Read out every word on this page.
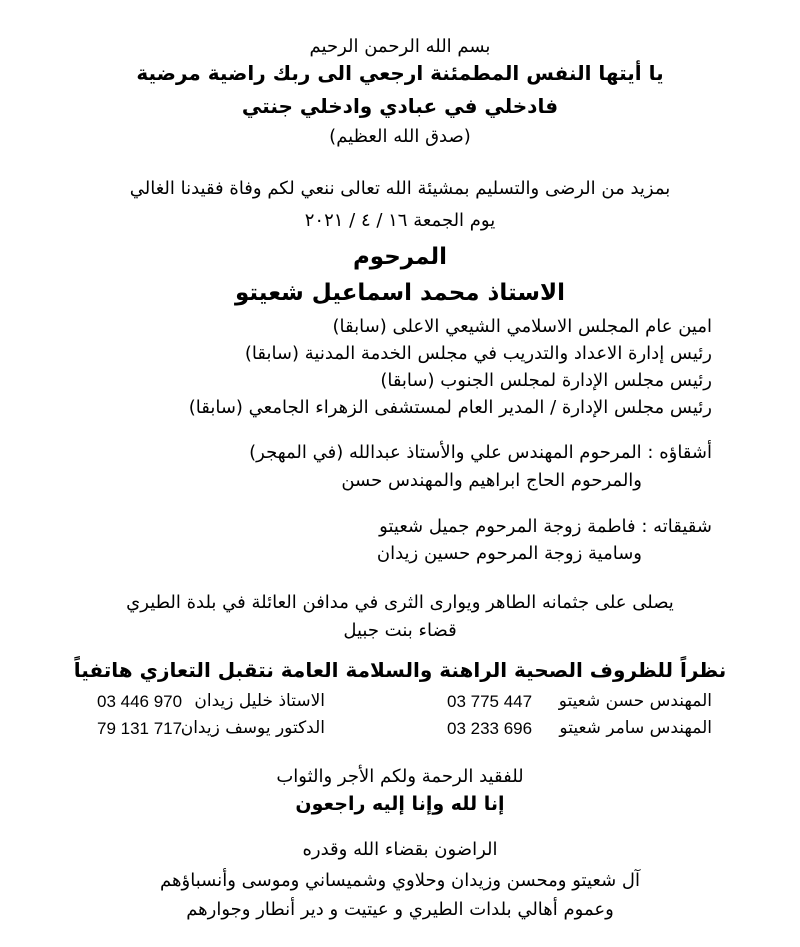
بسم الله الرحمن الرحيم
يا أيتها النفس المطمئنة ارجعي الى ربك راضية مرضية
فادخلي في عبادي وادخلي جنتي
(صدق الله العظيم)
بمزيد من الرضى والتسليم بمشيئة الله تعالى ننعي لكم وفاة فقيدنا الغالي
يوم الجمعة ١٦ / ٤ / ٢٠٢١
المرحوم
الاستاذ محمد اسماعيل شعيتو
امين عام المجلس الاسلامي الشيعي الاعلى (سابقا)
رئيس إدارة الاعداد والتدريب في مجلس الخدمة المدنية (سابقا)
رئيس مجلس الإدارة لمجلس الجنوب (سابقا)
رئيس مجلس الإدارة / المدير العام لمستشفى الزهراء الجامعي (سابقا)
أشقاؤه : المرحوم المهندس علي والأستاذ عبدالله (في المهجر)
والمرحوم الحاج ابراهيم والمهندس حسن
شقيقاته : فاطمة زوجة المرحوم جميل شعيتو
وسامية زوجة المرحوم حسين زيدان
يصلى على جثمانه الطاهر ويوارى الثرى في مدافن العائلة في بلدة الطيري
قضاء بنت جبيل
نظراً للظروف الصحية الراهنة والسلامة العامة نتقبل التعازي هاتفياً
المهندس حسن شعيتو
03 775 447
الاستاذ خليل زيدان
03 446 970
المهندس سامر شعيتو
03 233 696
الدكتور يوسف زيدان
79 131 717
للفقيد الرحمة ولكم الأجر والثواب
إنا لله وإنا إليه راجعون
الراضون بقضاء الله وقدره
آل شعيتو ومحسن وزيدان وحلاوي وشميساني وموسى وأنسباؤهم
وعموم أهالي بلدات الطيري و عيتيت و دير أنطار وجوارهم
